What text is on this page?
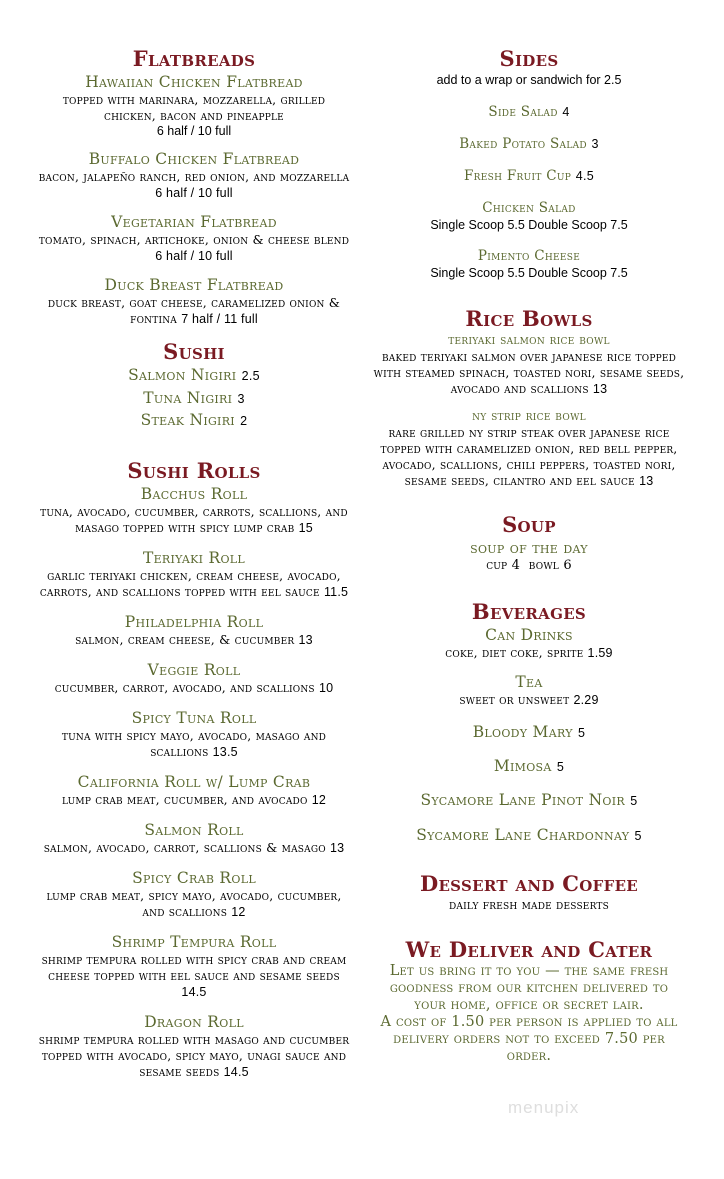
Flatbreads
Hawaiian Chicken Flatbread
topped with marinara, mozzarella, grilled chicken, bacon and pineapple
6 half / 10 full
Buffalo Chicken Flatbread
bacon, jalapeño ranch, red onion, and mozzarella 6 half / 10 full
Vegetarian Flatbread
tomato, spinach, artichoke, onion & cheese blend 6 half / 10 full
Duck Breast Flatbread
duck breast, goat cheese, caramelized onion & fontina 7 half / 11 full
Sushi
Salmon Nigiri 2.5
Tuna Nigiri 3
Steak Nigiri 2
Sushi Rolls
Bacchus Roll
tuna, avocado, cucumber, carrots, scallions, and masago topped with spicy lump crab 15
Teriyaki Roll
garlic teriyaki chicken, cream cheese, avocado, carrots, and scallions topped with eel sauce 11.5
Philadelphia Roll
salmon, cream cheese, & cucumber 13
Veggie Roll
cucumber, carrot, avocado, and scallions 10
Spicy Tuna Roll
tuna with spicy mayo, avocado, masago and scallions 13.5
California Roll w/ Lump Crab
lump crab meat, cucumber, and avocado 12
Salmon Roll
salmon, avocado, carrot, scallions & masago 13
Spicy Crab Roll
lump crab meat, spicy mayo, avocado, cucumber, and scallions 12
Shrimp Tempura Roll
shrimp tempura rolled with spicy crab and cream cheese topped with eel sauce and sesame seeds 14.5
Dragon Roll
shrimp tempura rolled with masago and cucumber topped with avocado, spicy mayo, unagi sauce and sesame seeds 14.5
Sides
add to a wrap or sandwich for 2.5
Side Salad 4
Baked Potato Salad 3
Fresh Fruit Cup 4.5
Chicken Salad
Single Scoop 5.5 Double Scoop 7.5
Pimento Cheese
Single Scoop 5.5 Double Scoop 7.5
Rice Bowls
teriyaki salmon rice bowl
baked teriyaki salmon over japanese rice topped with steamed spinach, toasted nori, sesame seeds, avocado and scallions 13
ny strip rice bowl
rare grilled ny strip steak over japanese rice topped with caramelized onion, red bell pepper, avocado, scallions, chili peppers, toasted nori, sesame seeds, cilantro and eel sauce 13
Soup
soup of the day
cup 4 bowl 6
Beverages
Can Drinks
coke, diet coke, sprite 1.59
Tea
sweet or unsweet 2.29
Bloody Mary 5
Mimosa 5
Sycamore Lane Pinot Noir 5
Sycamore Lane Chardonnay 5
Dessert and Coffee
daily fresh made desserts
We Deliver and Cater
Let us bring it to you — the same fresh goodness from our kitchen delivered to your home, office or secret lair.
A cost of 1.50 per person is applied to all delivery orders not to exceed 7.50 per order.
menupix
